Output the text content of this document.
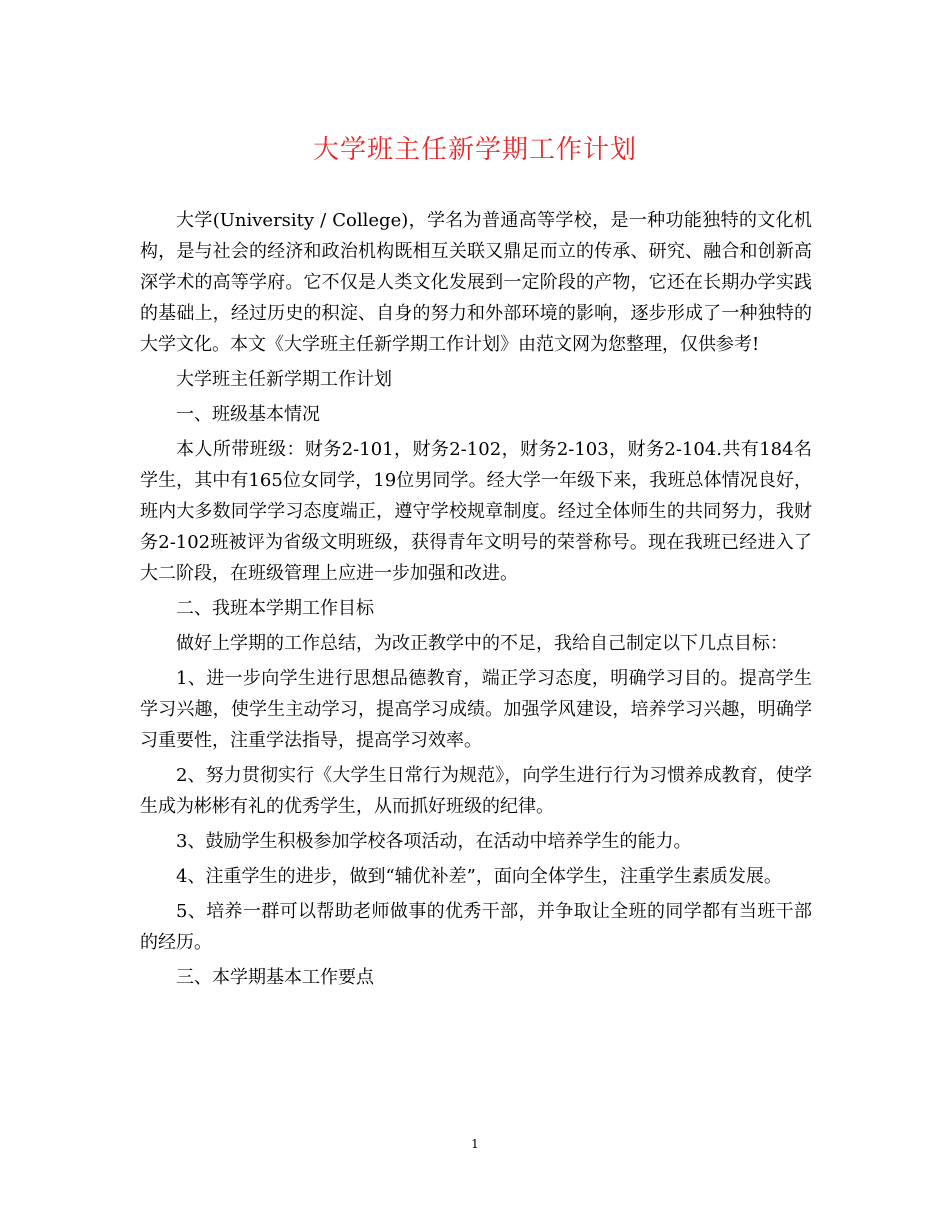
大学班主任新学期工作计划

大学(University / College)，学名为普通高等学校，是一种功能独特的文化机构，是与社会的经济和政治机构既相互关联又鼎足而立的传承、研究、融合和创新高深学术的高等学府。它不仅是人类文化发展到一定阶段的产物，它还在长期办学实践的基础上，经过历史的积淀、自身的努力和外部环境的影响，逐步形成了一种独特的大学文化。本文《大学班主任新学期工作计划》由范文网为您整理，仅供参考!

大学班主任新学期工作计划

一、班级基本情况

本人所带班级：财务2-101，财务2-102，财务2-103，财务2-104.共有184名学生，其中有165位女同学，19位男同学。经大学一年级下来，我班总体情况良好，班内大多数同学学习态度端正，遵守学校规章制度。经过全体师生的共同努力，我财务2-102班被评为省级文明班级，获得青年文明号的荣誉称号。现在我班已经进入了大二阶段，在班级管理上应进一步加强和改进。

二、我班本学期工作目标

做好上学期的工作总结，为改正教学中的不足，我给自己制定以下几点目标：

1、进一步向学生进行思想品德教育，端正学习态度，明确学习目的。提高学生学习兴趣，使学生主动学习，提高学习成绩。加强学风建设，培养学习兴趣，明确学习重要性，注重学法指导，提高学习效率。

2、努力贯彻实行《大学生日常行为规范》，向学生进行行为习惯养成教育，使学生成为彬彬有礼的优秀学生，从而抓好班级的纪律。

3、鼓励学生积极参加学校各项活动，在活动中培养学生的能力。

4、注重学生的进步，做到“辅优补差”，面向全体学生，注重学生素质发展。

5、培养一群可以帮助老师做事的优秀干部，并争取让全班的同学都有当班干部的经历。

三、本学期基本工作要点

1
